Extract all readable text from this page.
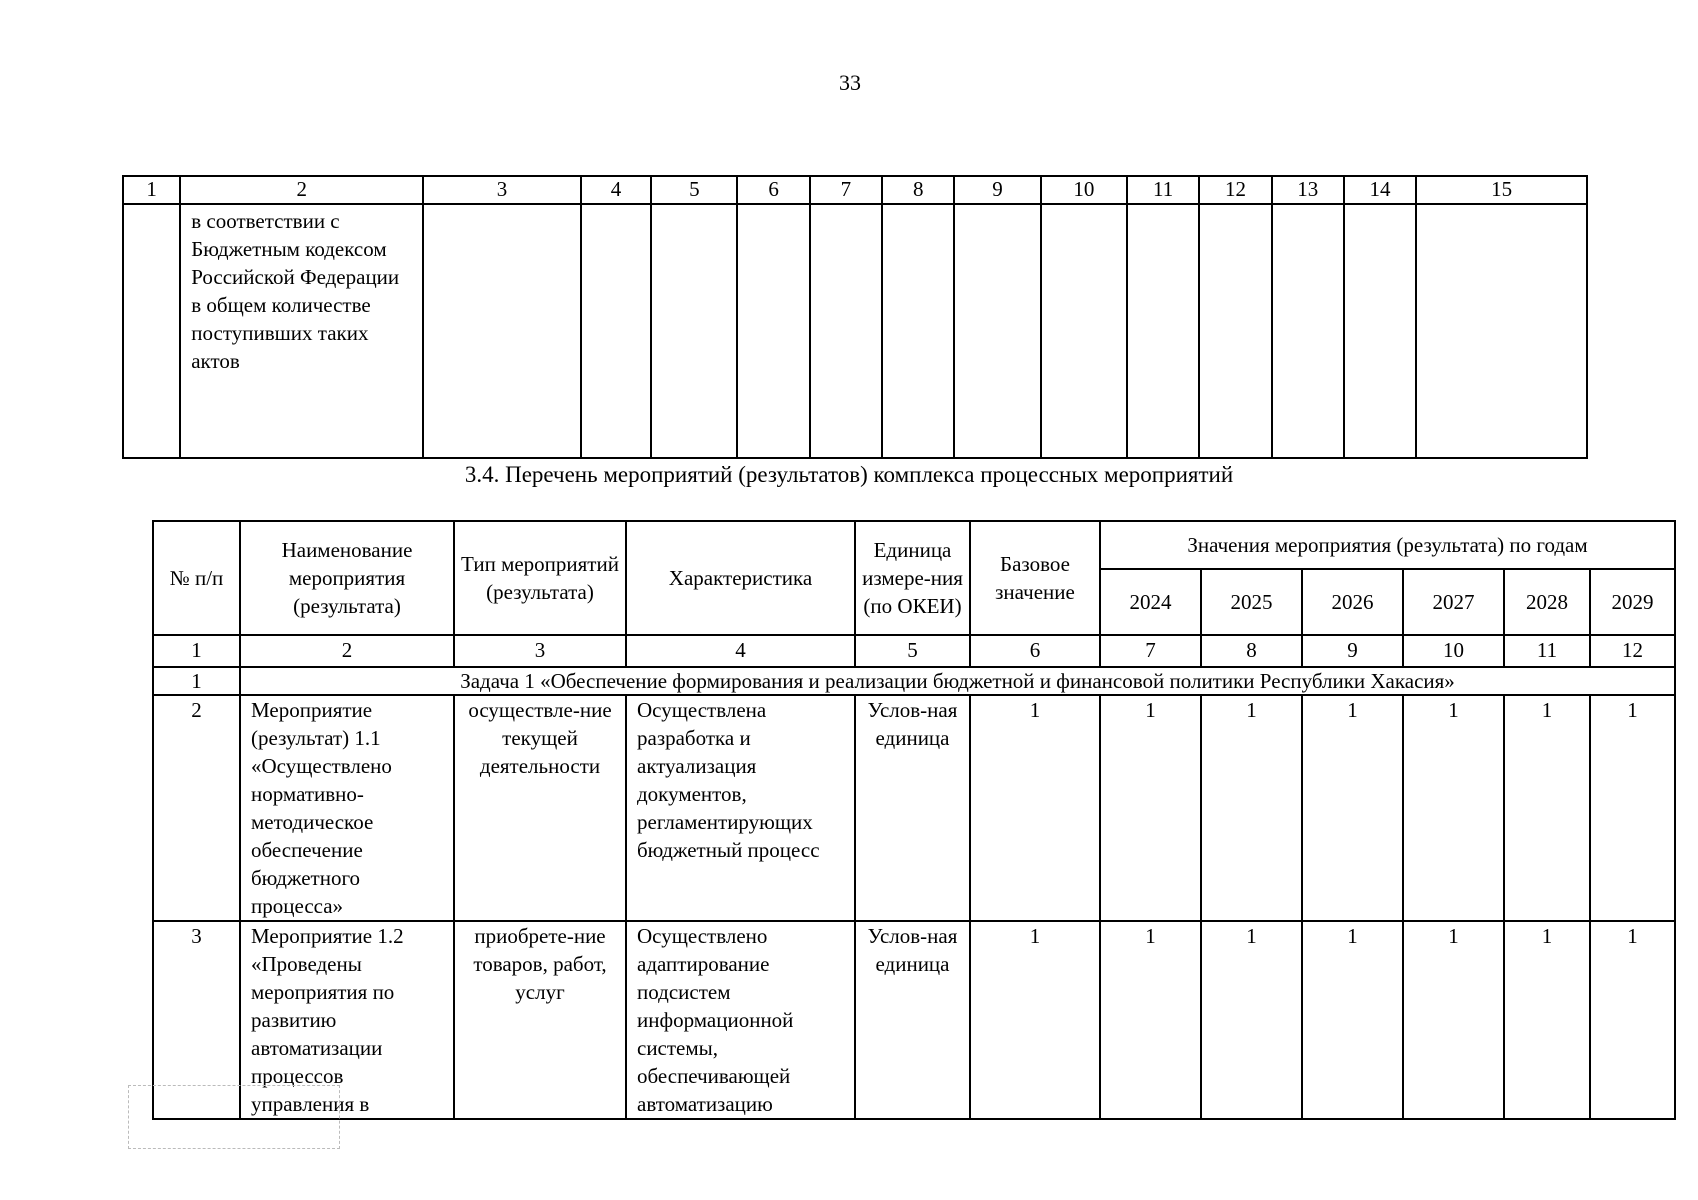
33
1	2	3	4	5	6	7	8	9	10	11	12	13	14	15
	в соответствии с Бюджетным кодексом Российской Федерации в общем количестве поступивших таких актов													
3.4. Перечень мероприятий (результатов) комплекса процессных мероприятий
№ п/п	Наименование мероприятия (результата)	Тип мероприятий (результата)	Характеристика	Единица измере-ния (по ОКЕИ)	Базовое значение	Значения мероприятия (результата) по годам					
						2024	2025	2026	2027	2028	2029
1	2	3	4	5	6	7	8	9	10	11	12
1	Задача 1 «Обеспечение формирования и реализации бюджетной и финансовой политики Республики Хакасия»										
2	Мероприятие (результат) 1.1 «Осуществлено нормативно-методическое обеспечение бюджетного процесса»	осуществле-ние текущей деятельности	Осуществлена разработка и актуализация документов, регламентирующих бюджетный процесс	Услов-ная единица	1	1	1	1	1	1	1
3	Мероприятие 1.2 «Проведены мероприятия по развитию автоматизации процессов управления в	приобрете-ние товаров, работ, услуг	Осуществлено адаптирование подсистем информационной системы, обеспечивающей автоматизацию	Услов-ная единица	1	1	1	1	1	1	1
